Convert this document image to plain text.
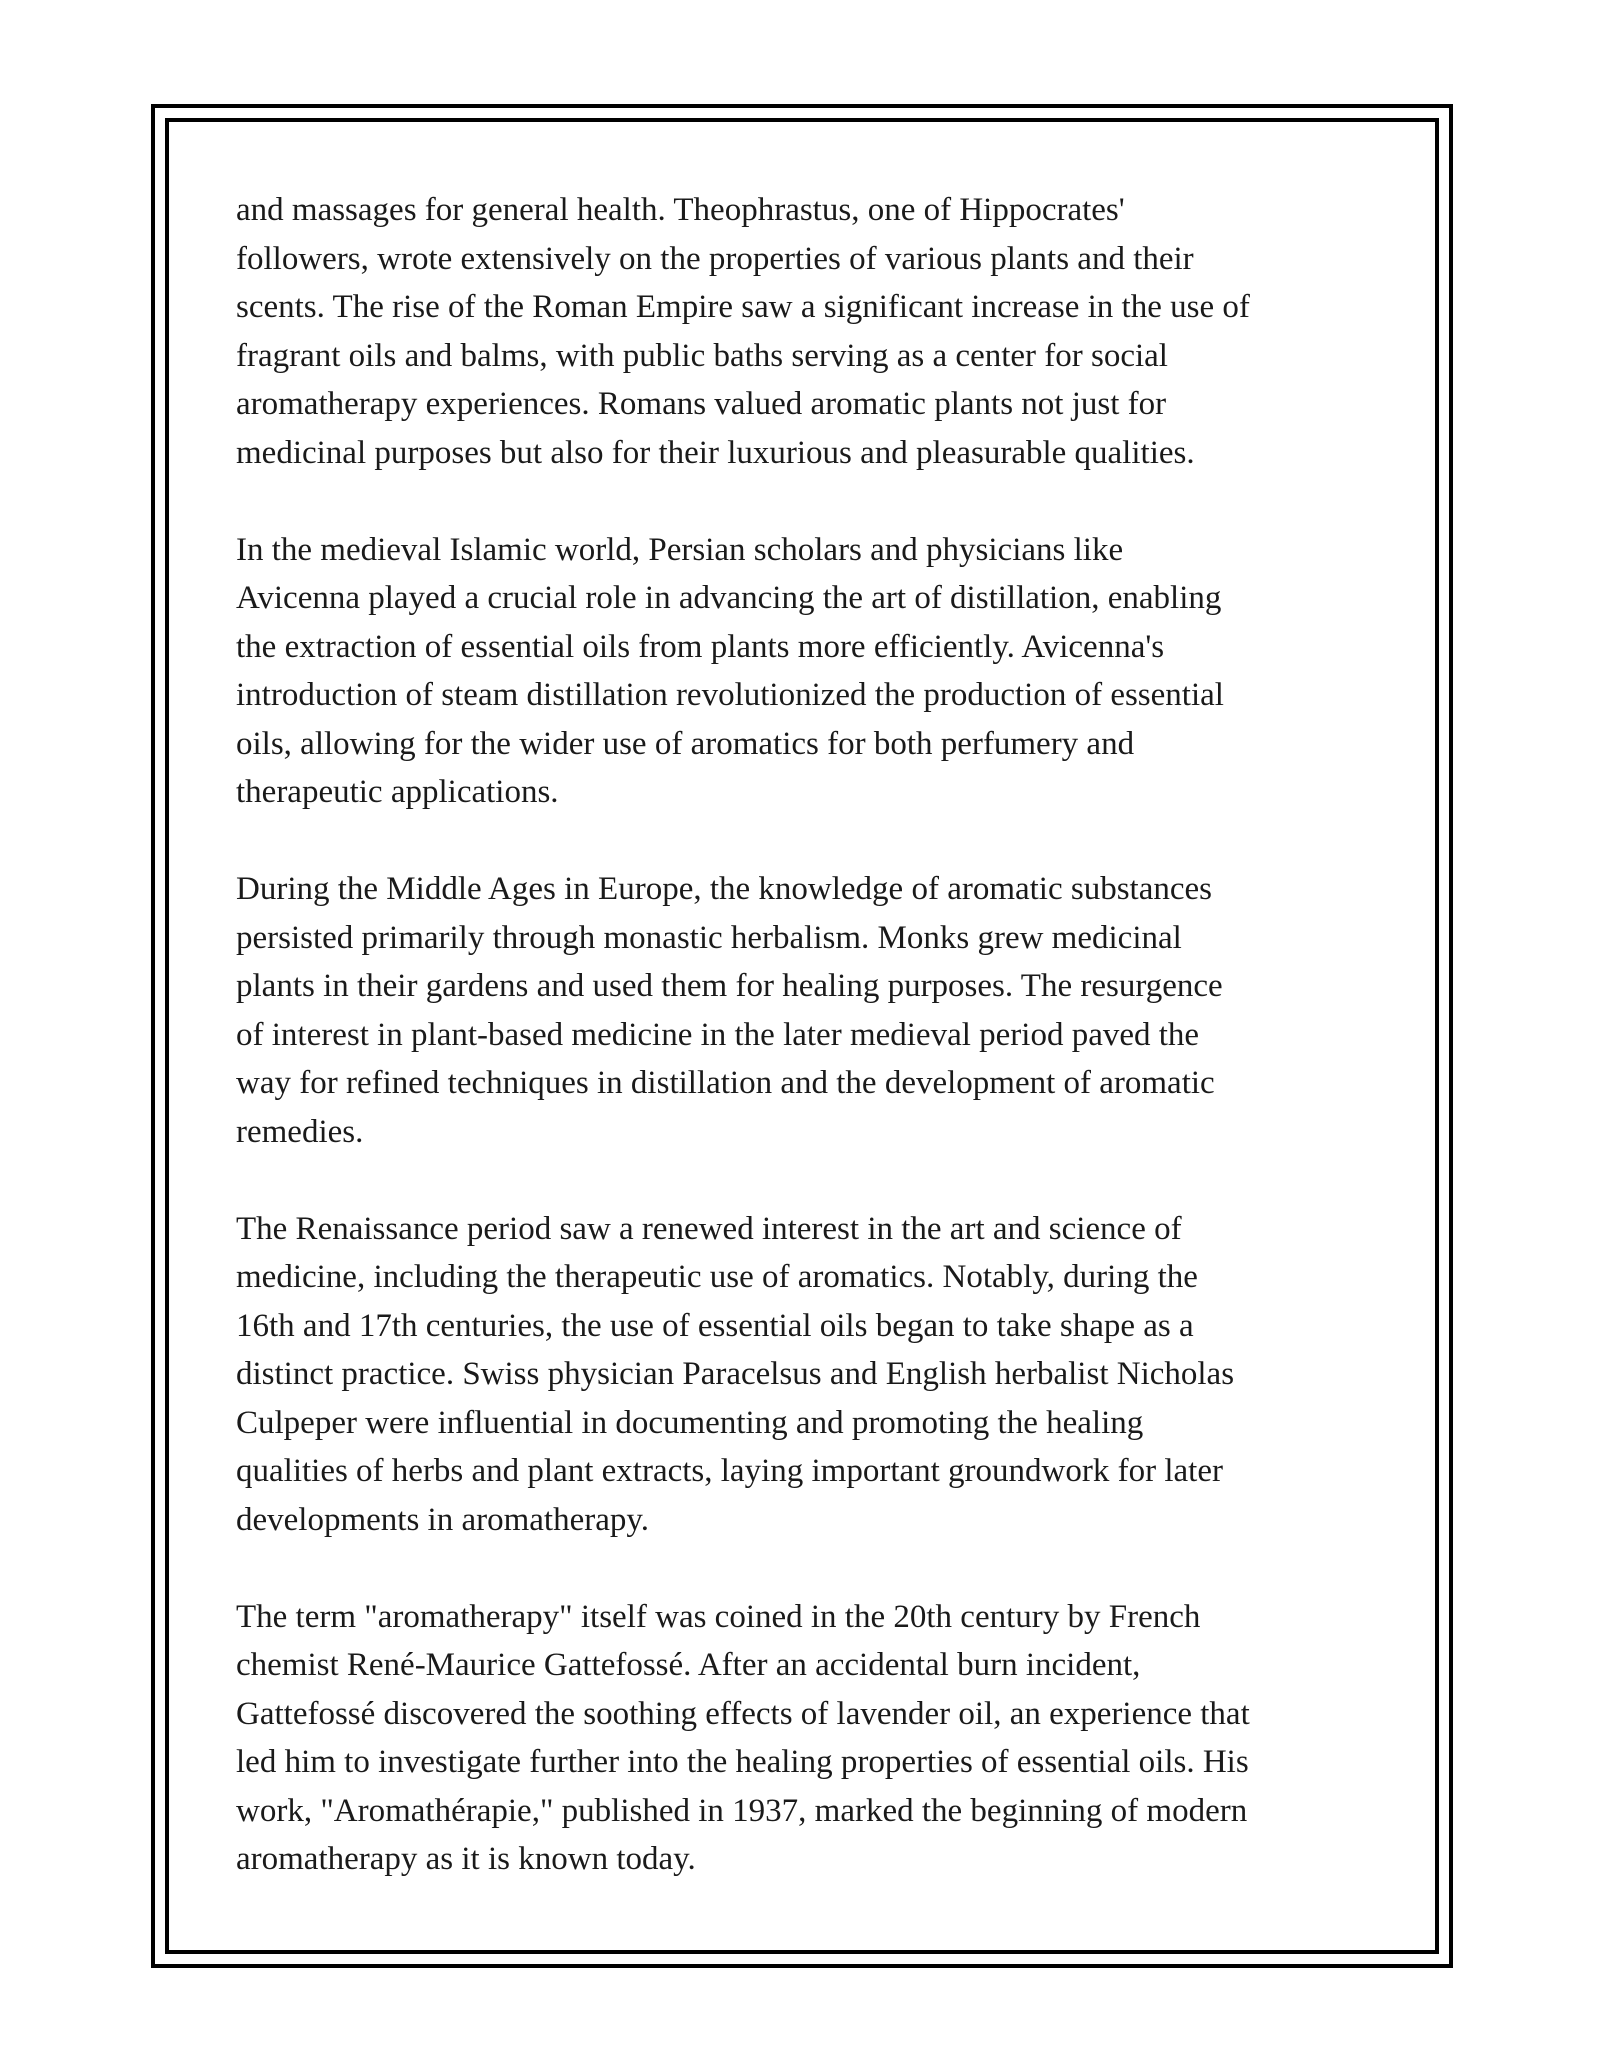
and massages for general health. Theophrastus, one of Hippocrates'
followers, wrote extensively on the properties of various plants and their
scents. The rise of the Roman Empire saw a significant increase in the use of
fragrant oils and balms, with public baths serving as a center for social
aromatherapy experiences. Romans valued aromatic plants not just for
medicinal purposes but also for their luxurious and pleasurable qualities.

In the medieval Islamic world, Persian scholars and physicians like
Avicenna played a crucial role in advancing the art of distillation, enabling
the extraction of essential oils from plants more efficiently. Avicenna's
introduction of steam distillation revolutionized the production of essential
oils, allowing for the wider use of aromatics for both perfumery and
therapeutic applications.

During the Middle Ages in Europe, the knowledge of aromatic substances
persisted primarily through monastic herbalism. Monks grew medicinal
plants in their gardens and used them for healing purposes. The resurgence
of interest in plant-based medicine in the later medieval period paved the
way for refined techniques in distillation and the development of aromatic
remedies.

The Renaissance period saw a renewed interest in the art and science of
medicine, including the therapeutic use of aromatics. Notably, during the
16th and 17th centuries, the use of essential oils began to take shape as a
distinct practice. Swiss physician Paracelsus and English herbalist Nicholas
Culpeper were influential in documenting and promoting the healing
qualities of herbs and plant extracts, laying important groundwork for later
developments in aromatherapy.

The term "aromatherapy" itself was coined in the 20th century by French
chemist René-Maurice Gattefossé. After an accidental burn incident,
Gattefossé discovered the soothing effects of lavender oil, an experience that
led him to investigate further into the healing properties of essential oils. His
work, "Aromathérapie," published in 1937, marked the beginning of modern
aromatherapy as it is known today.
